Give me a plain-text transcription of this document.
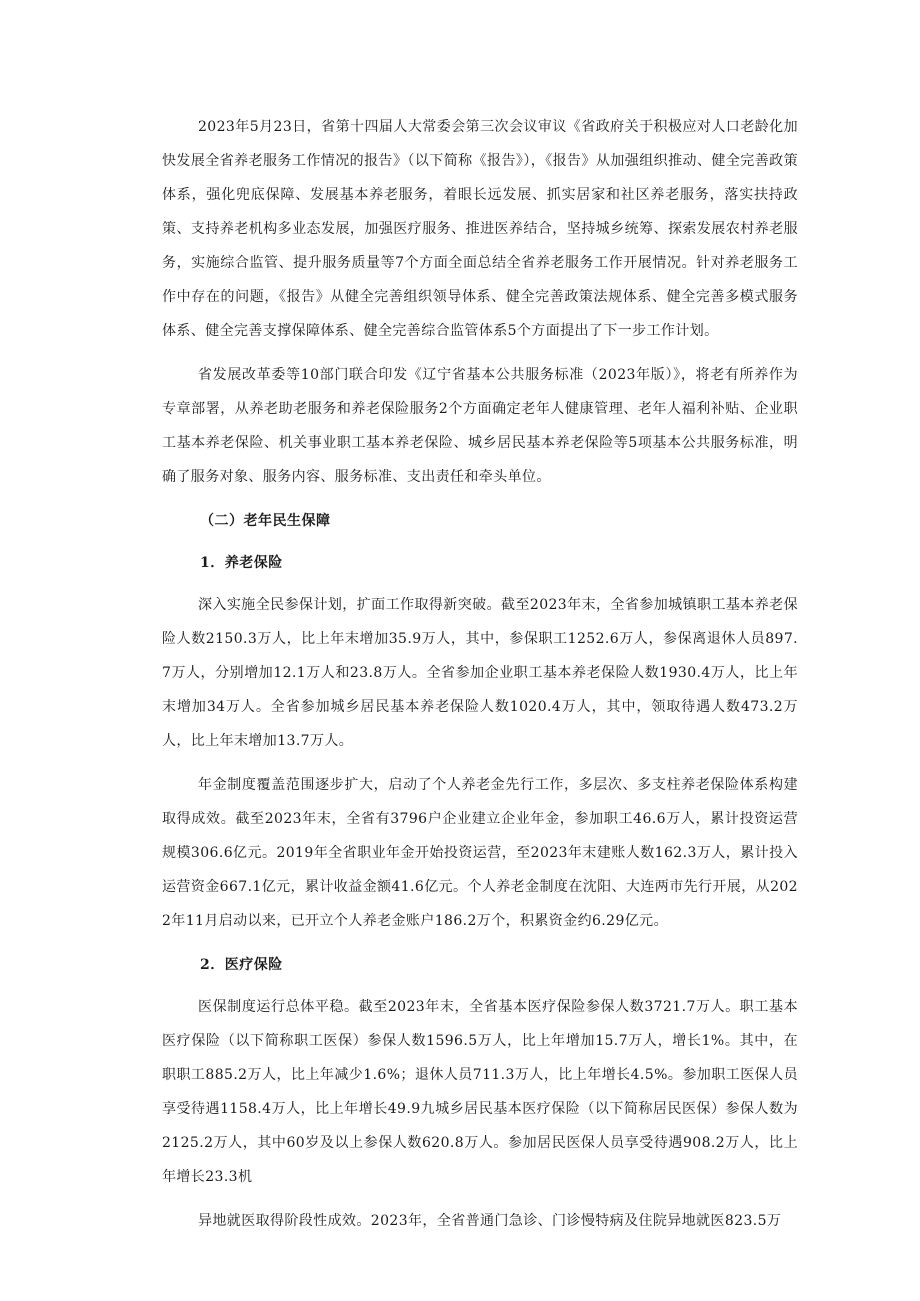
2023年5月23日，省第十四届人大常委会第三次会议审议《省政府关于积极应对人口老龄化加快发展全省养老服务工作情况的报告》（以下简称《报告》），《报告》从加强组织推动、健全完善政策体系，强化兜底保障、发展基本养老服务，着眼长远发展、抓实居家和社区养老服务，落实扶持政策、支持养老机构多业态发展，加强医疗服务、推进医养结合，坚持城乡统筹、探索发展农村养老服务，实施综合监管、提升服务质量等7个方面全面总结全省养老服务工作开展情况。针对养老服务工作中存在的问题，《报告》从健全完善组织领导体系、健全完善政策法规体系、健全完善多模式服务体系、健全完善支撑保障体系、健全完善综合监管体系5个方面提出了下一步工作计划。

省发展改革委等10部门联合印发《辽宁省基本公共服务标准（2023年版）》，将老有所养作为专章部署，从养老助老服务和养老保险服务2个方面确定老年人健康管理、老年人福利补贴、企业职工基本养老保险、机关事业职工基本养老保险、城乡居民基本养老保险等5项基本公共服务标准，明确了服务对象、服务内容、服务标准、支出责任和牵头单位。

（二）老年民生保障
1．养老保险

深入实施全民参保计划，扩面工作取得新突破。截至2023年末，全省参加城镇职工基本养老保险人数2150.3万人，比上年末增加35.9万人，其中，参保职工1252.6万人，参保离退休人员897.7万人，分别增加12.1万人和23.8万人。全省参加企业职工基本养老保险人数1930.4万人，比上年末增加34万人。全省参加城乡居民基本养老保险人数1020.4万人，其中，领取待遇人数473.2万人，比上年末增加13.7万人。

年金制度覆盖范围逐步扩大，启动了个人养老金先行工作，多层次、多支柱养老保险体系构建取得成效。截至2023年末，全省有3796户企业建立企业年金，参加职工46.6万人，累计投资运营规模306.6亿元。2019年全省职业年金开始投资运营，至2023年末建账人数162.3万人，累计投入运营资金667.1亿元，累计收益金额41.6亿元。个人养老金制度在沈阳、大连两市先行开展，从2022年11月启动以来，已开立个人养老金账户186.2万个，积累资金约6.29亿元。

2．医疗保险

医保制度运行总体平稳。截至2023年末，全省基本医疗保险参保人数3721.7万人。职工基本医疗保险（以下简称职工医保）参保人数1596.5万人，比上年增加15.7万人，增长1%。其中，在职职工885.2万人，比上年减少1.6%；退休人员711.3万人，比上年增长4.5%。参加职工医保人员享受待遇1158.4万人，比上年增长49.9九城乡居民基本医疗保险（以下简称居民医保）参保人数为2125.2万人，其中60岁及以上参保人数620.8万人。参加居民医保人员享受待遇908.2万人，比上年增长23.3机

异地就医取得阶段性成效。2023年，全省普通门急诊、门诊慢特病及住院异地就医823.5万
